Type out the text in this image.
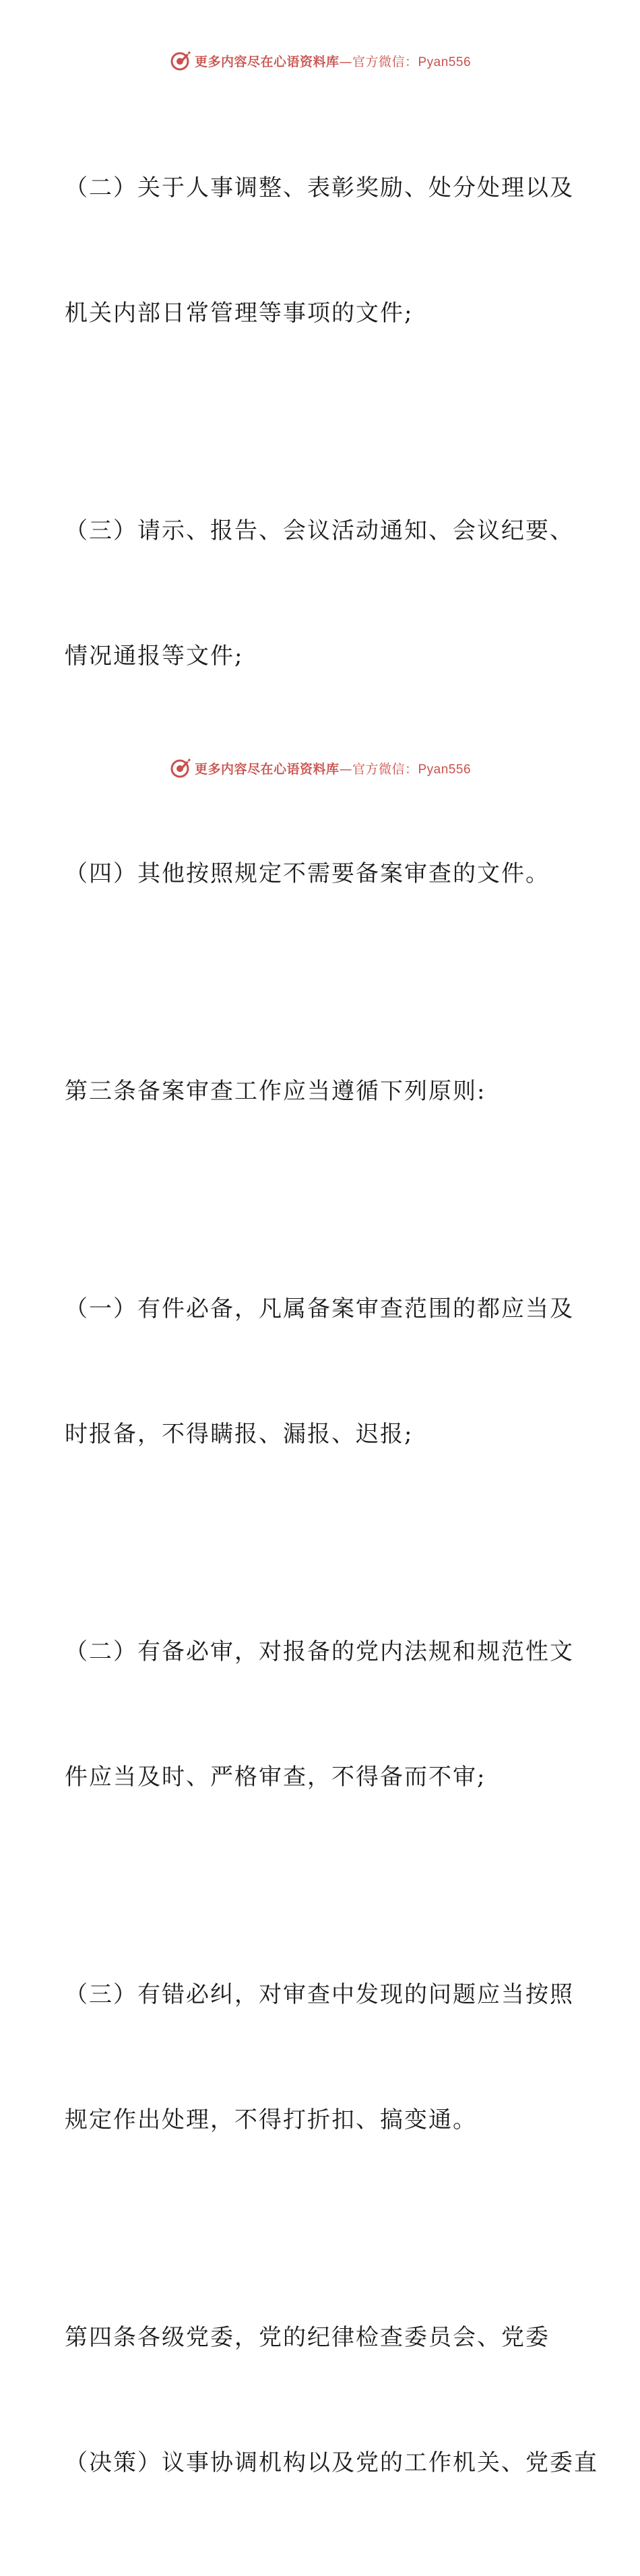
更多内容尽在心语资料库—官方微信：Pyan556

（二）关于人事调整、表彰奖励、处分处理以及

机关内部日常管理等事项的文件;

（三）请示、报告、会议活动通知、会议纪要、

情况通报等文件;

（四）其他按照规定不需要备案审查的文件。

第三条备案审查工作应当遵循下列原则:

（一）有件必备，凡属备案审查范围的都应当及

时报备，不得瞒报、漏报、迟报;

（二）有备必审，对报备的党内法规和规范性文

件应当及时、严格审查，不得备而不审;

（三）有错必纠，对审查中发现的问题应当按照

规定作出处理，不得打折扣、搞变通。

第四条各级党委，党的纪律检查委员会、党委

（决策）议事协调机构以及党的工作机关、党委直

更多内容尽在心语资料库—官方微信：Pyan556
